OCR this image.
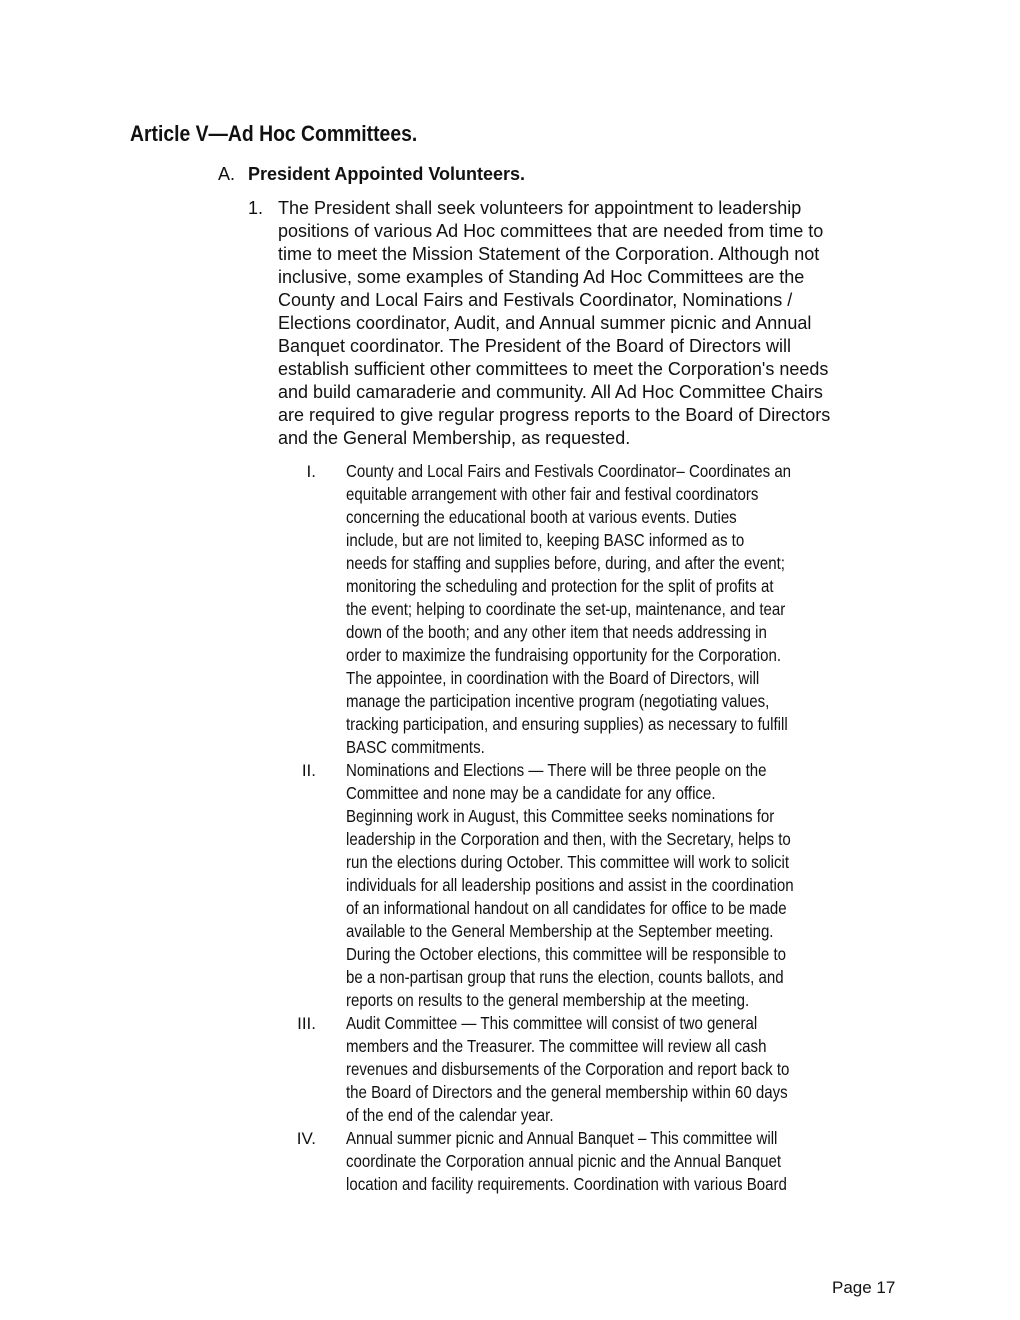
Article V—Ad Hoc Committees.
A. President Appointed Volunteers.
1. The President shall seek volunteers for appointment to leadership
positions of various Ad Hoc committees that are needed from time to
time to meet the Mission Statement of the Corporation. Although not
inclusive, some examples of Standing Ad Hoc Committees are the
County and Local Fairs and Festivals Coordinator, Nominations /
Elections coordinator, Audit, and Annual summer picnic and Annual
Banquet coordinator. The President of the Board of Directors will
establish sufficient other committees to meet the Corporation's needs
and build camaraderie and community. All Ad Hoc Committee Chairs
are required to give regular progress reports to the Board of Directors
and the General Membership, as requested.
I. County and Local Fairs and Festivals Coordinator– Coordinates an
equitable arrangement with other fair and festival coordinators
concerning the educational booth at various events. Duties
include, but are not limited to, keeping BASC informed as to
needs for staffing and supplies before, during, and after the event;
monitoring the scheduling and protection for the split of profits at
the event; helping to coordinate the set-up, maintenance, and tear
down of the booth; and any other item that needs addressing in
order to maximize the fundraising opportunity for the Corporation.
The appointee, in coordination with the Board of Directors, will
manage the participation incentive program (negotiating values,
tracking participation, and ensuring supplies) as necessary to fulfill
BASC commitments.
II. Nominations and Elections — There will be three people on the
Committee and none may be a candidate for any office.
Beginning work in August, this Committee seeks nominations for
leadership in the Corporation and then, with the Secretary, helps to
run the elections during October. This committee will work to solicit
individuals for all leadership positions and assist in the coordination
of an informational handout on all candidates for office to be made
available to the General Membership at the September meeting.
During the October elections, this committee will be responsible to
be a non-partisan group that runs the election, counts ballots, and
reports on results to the general membership at the meeting.
III. Audit Committee — This committee will consist of two general
members and the Treasurer. The committee will review all cash
revenues and disbursements of the Corporation and report back to
the Board of Directors and the general membership within 60 days
of the end of the calendar year.
IV. Annual summer picnic and Annual Banquet – This committee will
coordinate the Corporation annual picnic and the Annual Banquet
location and facility requirements. Coordination with various Board
Page 17
